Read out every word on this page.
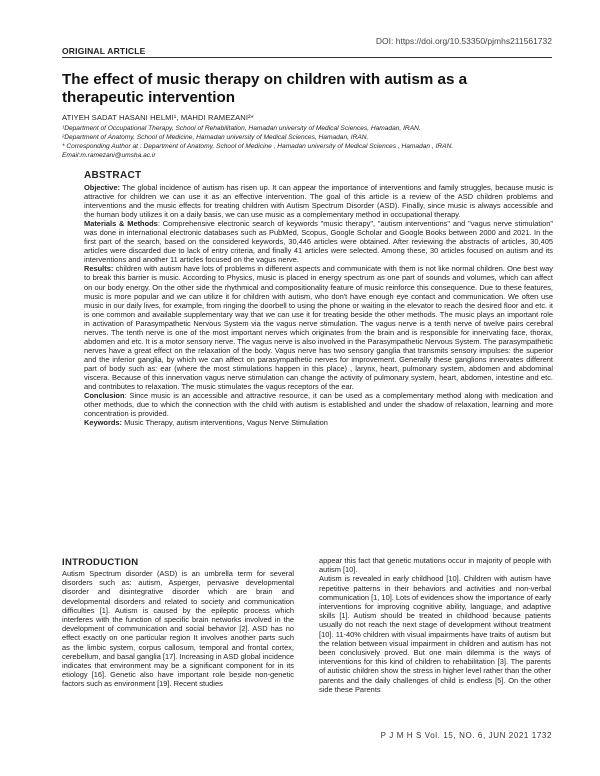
DOI: https://doi.org/10.53350/pjmhs211561732
ORIGINAL ARTICLE
The effect of music therapy on children with autism as a therapeutic intervention
ATIYEH SADAT HASANI HELMI¹, MAHDI RAMEZANI²*
¹Department of Occupational Therapy, School of Rehabilitation, Hamadan university of Medical Sciences, Hamadan, IRAN.
²Department of Anatomy, School of Medicine, Hamadan university of Medical Sciences, Hamadan, IRAN.
* Corresponding Author at : Department of Anatomy, School of Medicine , Hamadan university of Medical Sciences , Hamadan , IRAN.
Email:m.ramezani@umsha.ac.ir
ABSTRACT

Objective: The global incidence of autism has risen up. It can appear the importance of interventions and family struggles, because music is attractive for children we can use it as an effective intervention. The goal of this article is a review of the ASD children problems and interventions and the music effects for treating children with Autism Spectrum Disorder (ASD). Finally, since music is always accessible and the human body utilizes it on a daily basis, we can use music as a complementary method in occupational therapy.

Materials & Methods: Comprehensive electronic search of keywords "music therapy", "autism interventions" and "vagus nerve stimulation" was done in international electronic databases such as PubMed, Scopus, Google Scholar and Google Books between 2000 and 2021. In the first part of the search, based on the considered keywords, 30,446 articles were obtained. After reviewing the abstracts of articles, 30,405 articles were discarded due to lack of entry criteria, and finally 41 articles were selected. Among these, 30 articles focused on autism and its interventions and another 11 articles focused on the vagus nerve.

Results: children with autism have lots of problems in different aspects and communicate with them is not like normal children. One best way to break this barrier is music. According to Physics, music is placed in energy spectrum as one part of sounds and volumes, which can affect on our body energy. On the other side the rhythmical and compositionality feature of music reinforce this consequence. Due to these features, music is more popular and we can utilize it for children with autism, who don't have enough eye contact and communication. We often use music in our daily lives, for example, from ringing the doorbell to using the phone or waiting in the elevator to reach the desired floor and etc. it is one common and available supplementary way that we can use it for treating beside the other methods. The music plays an important role in activation of Parasympathetic Nervous System via the vagus nerve stimulation. The vagus nerve is a tenth nerve of twelve pairs cerebral nerves. The tenth nerve is one of the most important nerves which originates from the brain and is responsible for innervating face, thorax, abdomen and etc. It is a motor sensory nerve. The vagus nerve is also involved in the Parasympathetic Nervous System. The parasympathetic nerves have a great effect on the relaxation of the body. Vagus nerve has two sensory ganglia that transmits sensory impulses: the superior and the inferior ganglia, by which we can affect on parasympathetic nerves for improvement. Generally these ganglions innervates different part of body such as: ear (where the most stimulations happen in this place) , larynx, heart, pulmonary system, abdomen and abdominal viscera. Because of this innervation vagus nerve stimulation can change the activity of pulmonary system, heart, abdomen, intestine and etc. and contributes to relaxation. The music stimulates the vagus receptors of the ear.

Conclusion: Since music is an accessible and attractive resource, it can be used as a complementary method along with medication and other methods, due to which the connection with the child with autism is established and under the shadow of relaxation, learning and more concentration is provided.

Keywords: Music Therapy, autism interventions, Vagus Nerve Stimulation

INTRODUCTION

Autism Spectrum disorder (ASD) is an umbrella term for several disorders such as: autism, Asperger, pervasive developmental disorder and disintegrative disorder which are brain and developmental disorders and related to society and communication difficulties [1]. Autism is caused by the epileptic process which interferes with the function of specific brain networks involved in the development of communication and social behavior [2]. ASD has no effect exactly on one particular region It involves another parts such as the limbic system, corpus callosum, temporal and frontal cortex, cerebellum, and basal ganglia [17]. Increasing in ASD global incidence indicates that environment may be a significant component for in its etiology [16]. Genetic also have important role beside non-genetic factors such as environment [19]. Recent studies

appear this fact that genetic mutations occur in majority of people with autism [10].

Autism is revealed in early childhood [10]. Children with autism have repetitive patterns in their behaviors and activities and non-verbal communication [1, 10]. Lots of evidences show the importance of early interventions for improving cognitive ability, language, and adaptive skills [1]. Autism should be treated in childhood because patients usually do not reach the next stage of development without treatment [10]. 11-40% children with visual impairments have traits of autism but the relation between visual impairment in children and autism has not been conclusively proved. But one main dilemma is the ways of interventions for this kind of children to rehabilitation [3]. The parents of autistic children show the stress in higher level rather than the other parents and the daily challenges of child is endless [5]. On the other side these Parents

P J M H S Vol. 15, NO. 6, JUN 2021 1732
